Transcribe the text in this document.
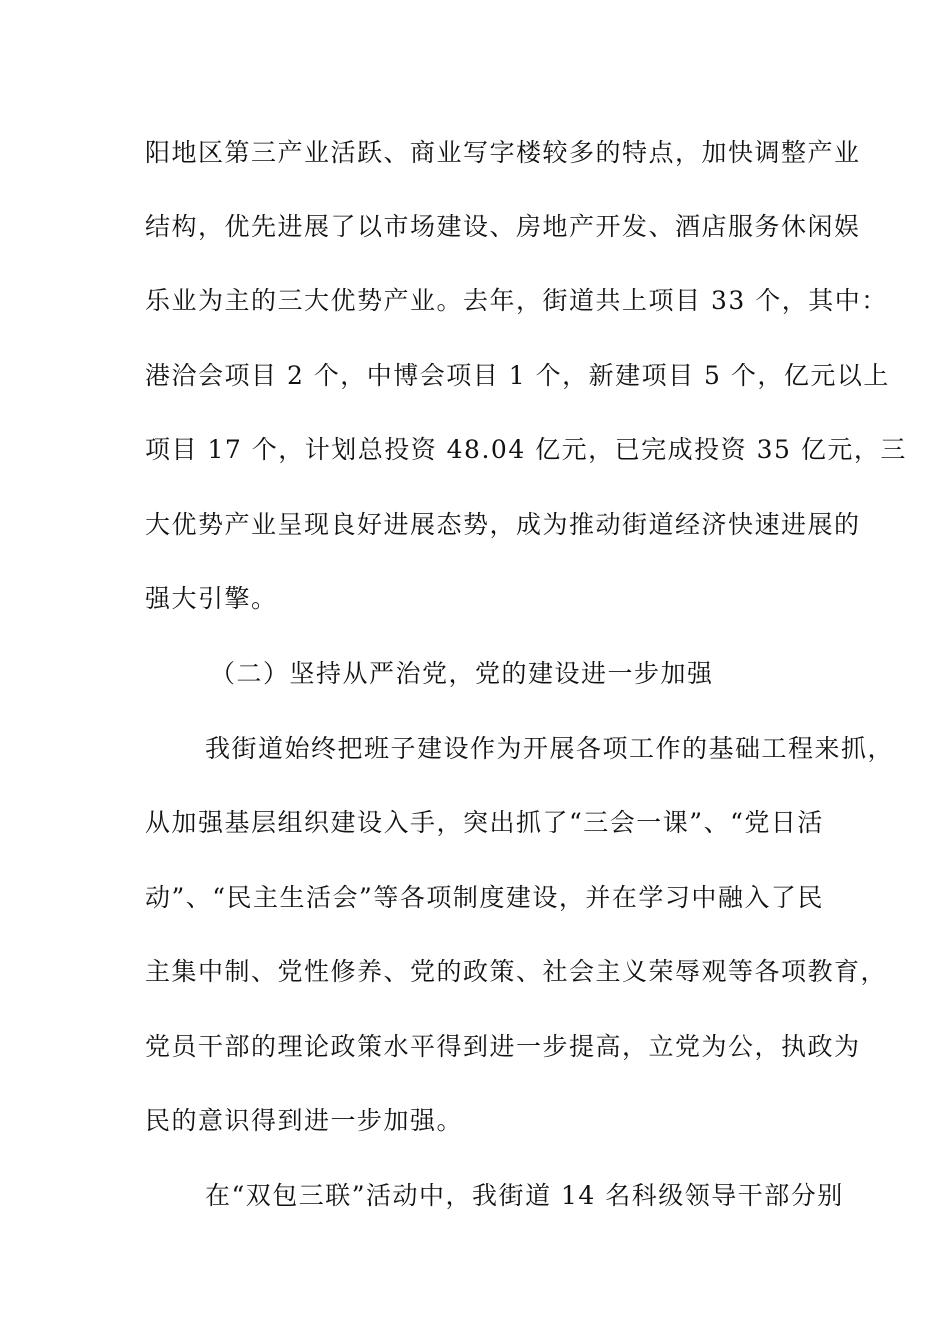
阳地区第三产业活跃、商业写字楼较多的特点，加快调整产业
结构，优先进展了以市场建设、房地产开发、酒店服务休闲娱
乐业为主的三大优势产业。去年，街道共上项目 33 个，其中：
港洽会项目 2 个，中博会项目 1 个，新建项目 5 个，亿元以上
项目 17 个，计划总投资 48.04 亿元，已完成投资 35 亿元，三
大优势产业呈现良好进展态势，成为推动街道经济快速进展的
强大引擎。
（二）坚持从严治党，党的建设进一步加强
我街道始终把班子建设作为开展各项工作的基础工程来抓，
从加强基层组织建设入手，突出抓了“三会一课”、“党日活
动”、“民主生活会”等各项制度建设，并在学习中融入了民
主集中制、党性修养、党的政策、社会主义荣辱观等各项教育，
党员干部的理论政策水平得到进一步提高，立党为公，执政为
民的意识得到进一步加强。
在“双包三联”活动中，我街道 14 名科级领导干部分别
